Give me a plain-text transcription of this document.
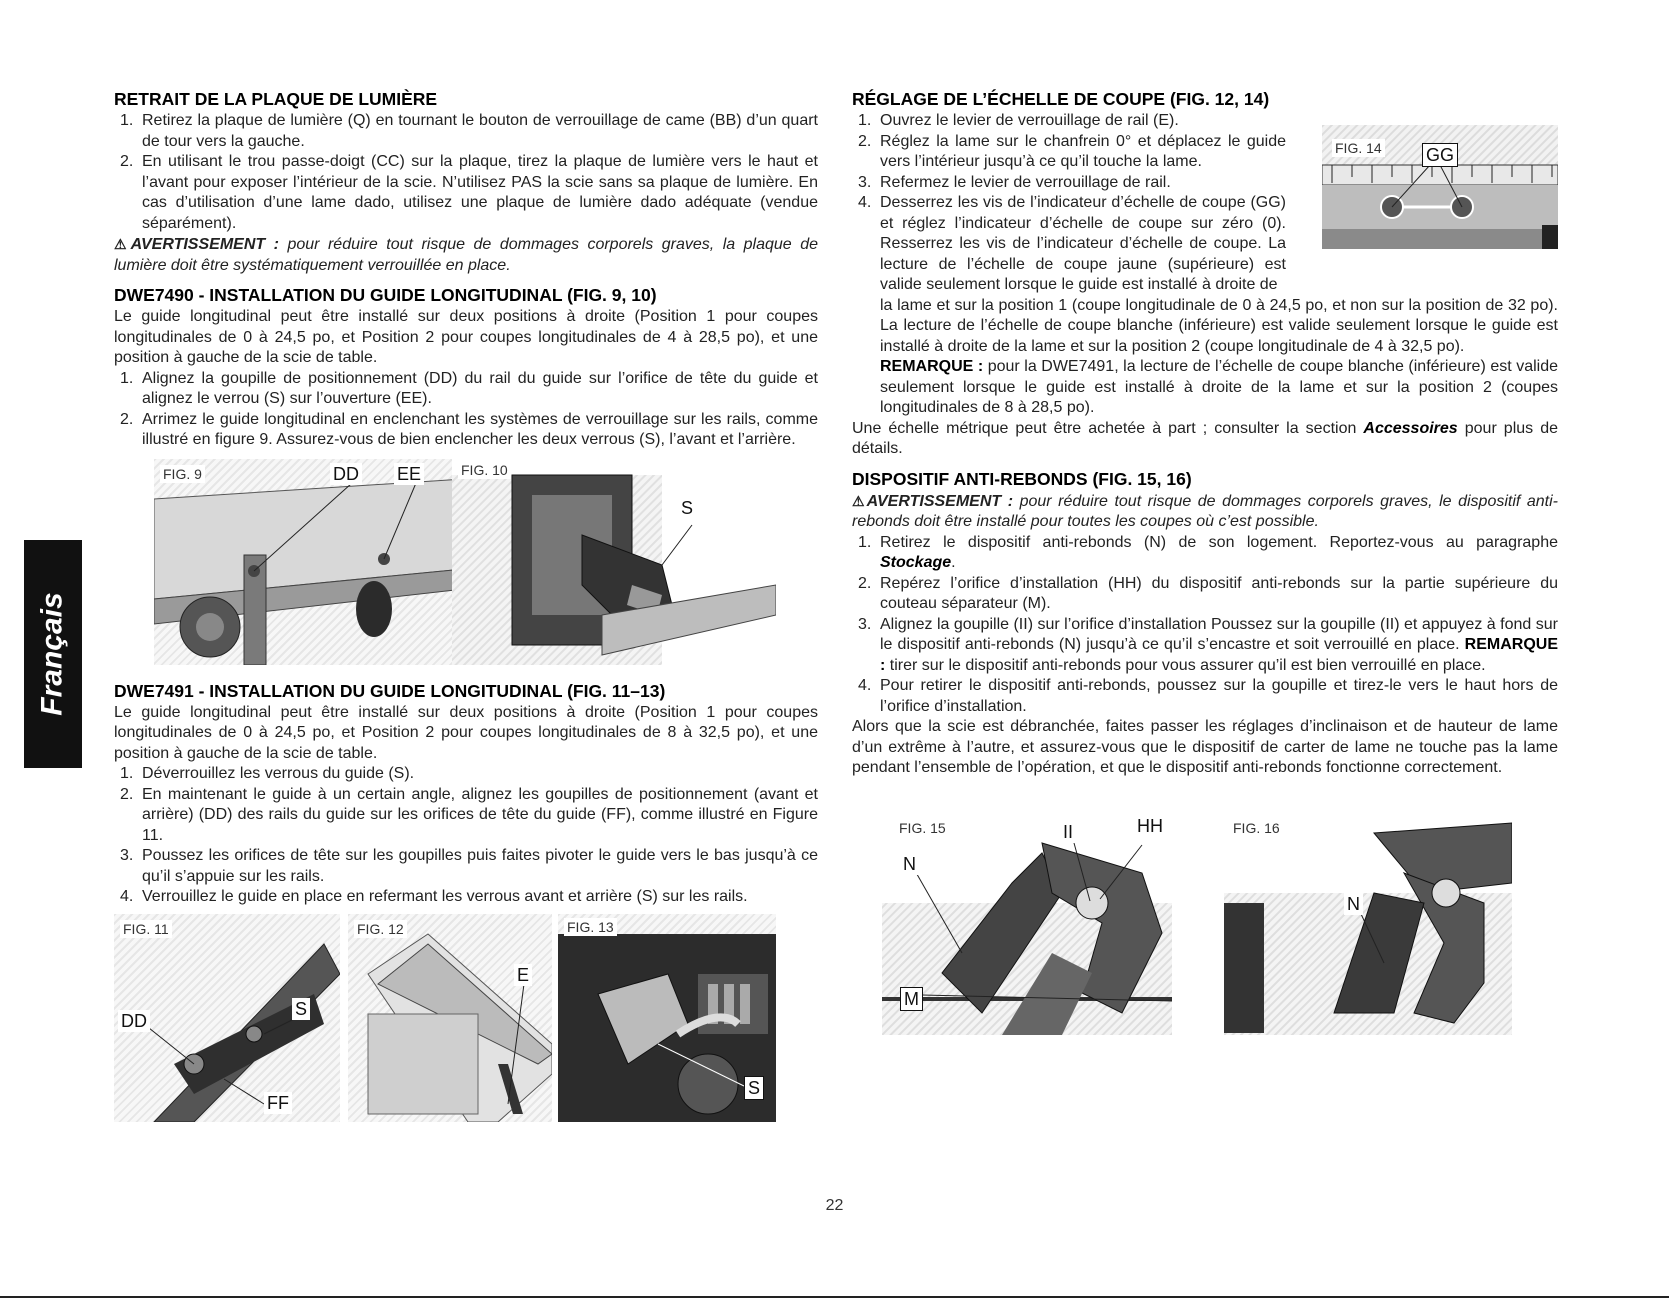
Français
RETRAIT DE LA PLAQUE DE LUMIÈRE
1. Retirez la plaque de lumière (Q) en tournant le bouton de verrouillage de came (BB) d’un quart de tour vers la gauche.
2. En utilisant le trou passe-doigt (CC) sur la plaque, tirez la plaque de lumière vers le haut et l’avant pour exposer l’intérieur de la scie. N’utilisez PAS la scie sans sa plaque de lumière. En cas d’utilisation d’une lame dado, utilisez une plaque de lumière dado adéquate (vendue séparément).

⚠AVERTISSEMENT : pour réduire tout risque de dommages corporels graves, la plaque de lumière doit être systématiquement verrouillée en place.

DWE7490 - INSTALLATION DU GUIDE LONGITUDINAL (FIG. 9, 10)

Le guide longitudinal peut être installé sur deux positions à droite (Position 1 pour coupes longitudinales de 0 à 24,5 po, et Position 2 pour coupes longitudinales de 4 à 28,5 po), et une position à gauche de la scie de table.

1. Alignez la goupille de positionnement (DD) du rail du guide sur l’orifice de tête du guide et alignez le verrou (S) sur l’ouverture (EE).
2. Arrimez le guide longitudinal en enclenchant les systèmes de verrouillage sur les rails, comme illustré en figure 9. Assurez-vous de bien enclencher les deux verrous (S), l’avant et l’arrière.
FIG. 9	DD EE	FIG. 10
S
DWE7491 - INSTALLATION DU GUIDE LONGITUDINAL (FIG. 11–13)

Le guide longitudinal peut être installé sur deux positions à droite (Position 1 pour coupes longitudinales de 0 à 24,5 po, et Position 2 pour coupes longitudinales de 8 à 32,5 po), et une position à gauche de la scie de table.

1. Déverrouillez les verrous du guide (S).
2. En maintenant le guide à un certain angle, alignez les goupilles de positionnement (avant et arrière) (DD) des rails du guide sur les orifices de tête du guide (FF), comme illustré en Figure 11.
3. Poussez les orifices de tête sur les goupilles puis faites pivoter le guide vers le bas jusqu’à ce qu’il s’appuie sur les rails.
4. Verrouillez le guide en place en refermant les verrous avant et arrière (S) sur les rails.
FIG. 11
DD
S
FF
FIG. 12
E
FIG. 13
S
RÉGLAGE DE L’ÉCHELLE DE COUPE (FIG. 12, 14)
FIG. 14 GG
1. Ouvrez le levier de verrouillage de rail (E).
2. Réglez la lame sur le chanfrein 0° et déplacez le guide vers l’intérieur jusqu’à ce qu’il touche la lame.
3. Refermez le levier de verrouillage de rail.
4. Desserrez les vis de l’indicateur d’échelle de coupe (GG) et réglez l’indicateur d’échelle de coupe sur zéro (0). Resserrez les vis de l’indicateur d’échelle de coupe. La lecture de l’échelle de coupe jaune (supérieure) est valide seulement lorsque le guide est installé à droite de

la lame et sur la position 1 (coupe longitudinale de 0 à 24,5 po, et non sur la position de 32 po). La lecture de l’échelle de coupe blanche (inférieure) est valide seulement lorsque le guide est installé à droite de la lame et sur la position 2 (coupe longitudinale de 4 à 32,5 po).

REMARQUE : pour la DWE7491, la lecture de l’échelle de coupe blanche (inférieure) est valide seulement lorsque le guide est installé à droite de la lame et sur la position 2 (coupes longitudinales de 8 à 28,5 po).

Une échelle métrique peut être achetée à part ; consulter la section Accessoires pour plus de détails.

DISPOSITIF ANTI-REBONDS (FIG. 15, 16)

⚠AVERTISSEMENT : pour réduire tout risque de dommages corporels graves, le dispositif anti-rebonds doit être installé pour toutes les coupes où c’est possible.

1. Retirez le dispositif anti-rebonds (N) de son logement. Reportez-vous au paragraphe Stockage.
2. Repérez l’orifice d’installation (HH) du dispositif anti-rebonds sur la partie supérieure du couteau séparateur (M).
3. Alignez la goupille (II) sur l’orifice d’installation Poussez sur la goupille (II) et appuyez à fond sur le dispositif anti-rebonds (N) jusqu’à ce qu’il s’encastre et soit verrouillé en place. REMARQUE : tirer sur le dispositif anti-rebonds pour vous assurer qu’il est bien verrouillé en place.
4. Pour retirer le dispositif anti-rebonds, poussez sur la goupille et tirez-le vers le haut hors de l’orifice d’installation.

Alors que la scie est débranchée, faites passer les réglages d’inclinaison et de hauteur de lame d’un extrême à l’autre, et assurez-vous que le dispositif de carter de lame ne touche pas la lame pendant l’ensemble de l’opération, et que le dispositif anti-rebonds fonctionne correctement.

FIG. 15	II	HH
N
M
FIG. 16
N
22
